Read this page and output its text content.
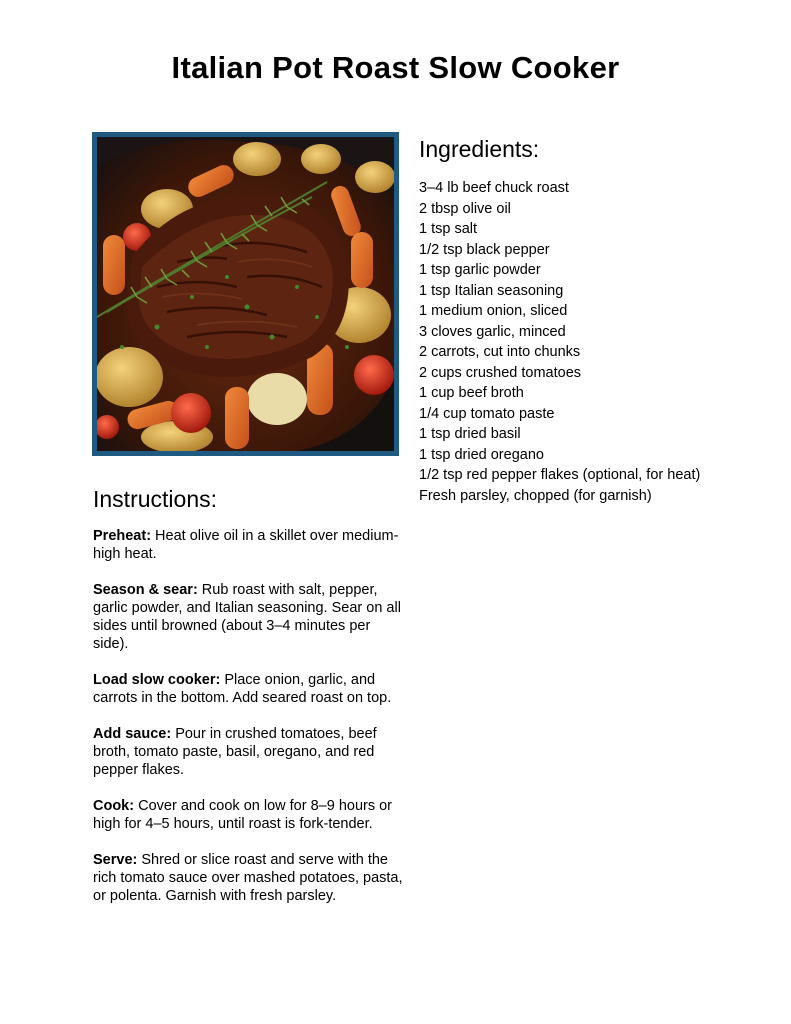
Italian Pot Roast Slow Cooker
Ingredients:
3–4 lb beef chuck roast
2 tbsp olive oil
1 tsp salt
1/2 tsp black pepper
1 tsp garlic powder
1 tsp Italian seasoning
1 medium onion, sliced
3 cloves garlic, minced
2 carrots, cut into chunks
2 cups crushed tomatoes
1 cup beef broth
1/4 cup tomato paste
1 tsp dried basil
1 tsp dried oregano
1/2 tsp red pepper flakes (optional, for heat)
Fresh parsley, chopped (for garnish)
Instructions:

Preheat: Heat olive oil in a skillet over medium-high heat.

Season & sear: Rub roast with salt, pepper, garlic powder, and Italian seasoning. Sear on all sides until browned (about 3–4 minutes per side).

Load slow cooker: Place onion, garlic, and carrots in the bottom. Add seared roast on top.

Add sauce: Pour in crushed tomatoes, beef broth, tomato paste, basil, oregano, and red pepper flakes.

Cook: Cover and cook on low for 8–9 hours or high for 4–5 hours, until roast is fork-tender.

Serve: Shred or slice roast and serve with the rich tomato sauce over mashed potatoes, pasta, or polenta. Garnish with fresh parsley.
